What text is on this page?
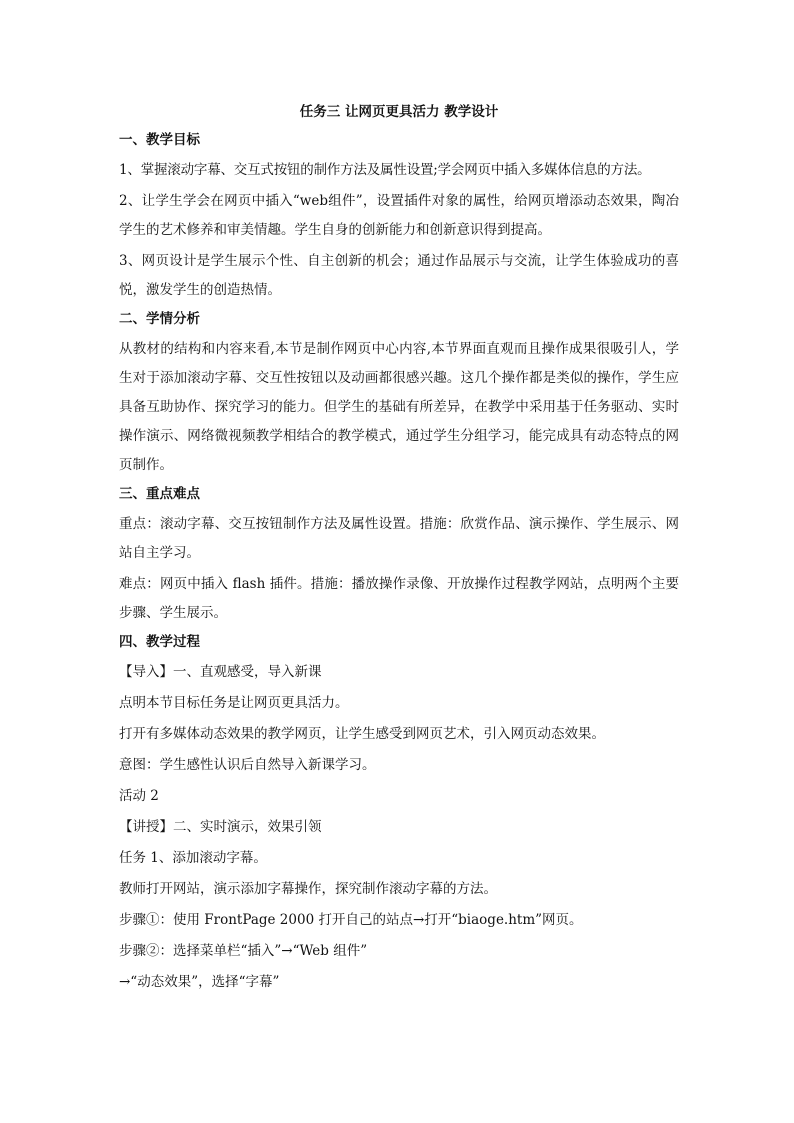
任务三 让网页更具活力 教学设计

一、教学目标

1、掌握滚动字幕、交互式按钮的制作方法及属性设置;学会网页中插入多媒体信息的方法。

2、让学生学会在网页中插入“web组件”，设置插件对象的属性，给网页增添动态效果，陶冶学生的艺术修养和审美情趣。学生自身的创新能力和创新意识得到提高。

3、网页设计是学生展示个性、自主创新的机会；通过作品展示与交流，让学生体验成功的喜悦，激发学生的创造热情。

二、学情分析

从教材的结构和内容来看,本节是制作网页中心内容,本节界面直观而且操作成果很吸引人，学生对于添加滚动字幕、交互性按钮以及动画都很感兴趣。这几个操作都是类似的操作，学生应具备互助协作、探究学习的能力。但学生的基础有所差异，在教学中采用基于任务驱动、实时操作演示、网络微视频教学相结合的教学模式，通过学生分组学习，能完成具有动态特点的网页制作。

三、重点难点

重点：滚动字幕、交互按钮制作方法及属性设置。措施：欣赏作品、演示操作、学生展示、网站自主学习。

难点：网页中插入 flash 插件。措施：播放操作录像、开放操作过程教学网站，点明两个主要步骤、学生展示。

四、教学过程

【导入】一、直观感受，导入新课

点明本节目标任务是让网页更具活力。

打开有多媒体动态效果的教学网页，让学生感受到网页艺术，引入网页动态效果。

意图：学生感性认识后自然导入新课学习。

活动 2

【讲授】二、实时演示，效果引领

任务 1、添加滚动字幕。

教师打开网站，演示添加字幕操作，探究制作滚动字幕的方法。

步骤①：使用 FrontPage 2000 打开自己的站点→打开“biaoge.htm”网页。

步骤②：选择菜单栏“插入”→“Web 组件”

→“动态效果”，选择“字幕”
